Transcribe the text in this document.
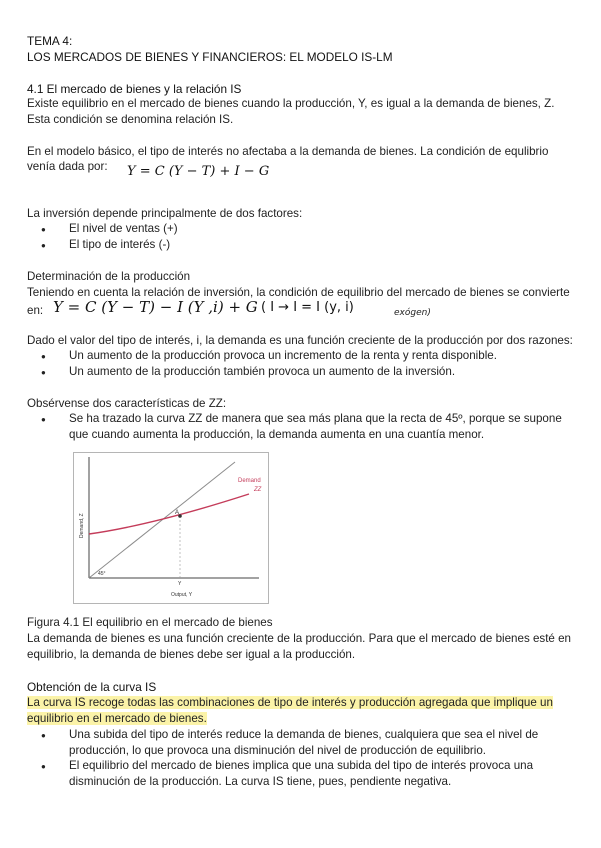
TEMA 4:
LOS MERCADOS DE BIENES Y FINANCIEROS: EL MODELO IS-LM
4.1 El mercado de bienes y la relación IS
Existe equilibrio en el mercado de bienes cuando la producción, Y, es igual a la demanda de bienes, Z.
Esta condición se denomina relación IS.
En el modelo básico, el tipo de interés no afectaba a la demanda de bienes. La condición de equlibrio
venía dada por: Y = C (Y − T) + I − G
La inversión depende principalmente de dos factores:
● El nivel de ventas (+)
● El tipo de interés (-)
Determinación de la producción
Teniendo en cuenta la relación de inversión, la condición de equilibrio del mercado de bienes se convierte
en: Y = C (Y − T) − I (Y ,i) + G ( I → I = I (y, i)	exógen)
Dado el valor del tipo de interés, i, la demanda es una función creciente de la producción por dos razones:
● Un aumento de la producción provoca un incremento de la renta y renta disponible.
● Un aumento de la producción también provoca un aumento de la inversión.
Obsérvense dos características de ZZ:
● Se ha trazado la curva ZZ de manera que sea más plana que la recta de 45º, porque se supone
que cuando aumenta la producción, la demanda aumenta en una cuantía menor.
A
Demand
ZZ
45°
Y
Output, Y
Demand, Z
Figura 4.1 El equilibrio en el mercado de bienes
La demanda de bienes es una función creciente de la producción. Para que el mercado de bienes esté en
equilibrio, la demanda de bienes debe ser igual a la producción.
Obtención de la curva IS
La curva IS recoge todas las combinaciones de tipo de interés y producción agregada que implique un
equilibrio en el mercado de bienes.
● Una subida del tipo de interés reduce la demanda de bienes, cualquiera que sea el nivel de
producción, lo que provoca una disminución del nivel de producción de equilibrio.
● El equilibrio del mercado de bienes implica que una subida del tipo de interés provoca una
disminución de la producción. La curva IS tiene, pues, pendiente negativa.
